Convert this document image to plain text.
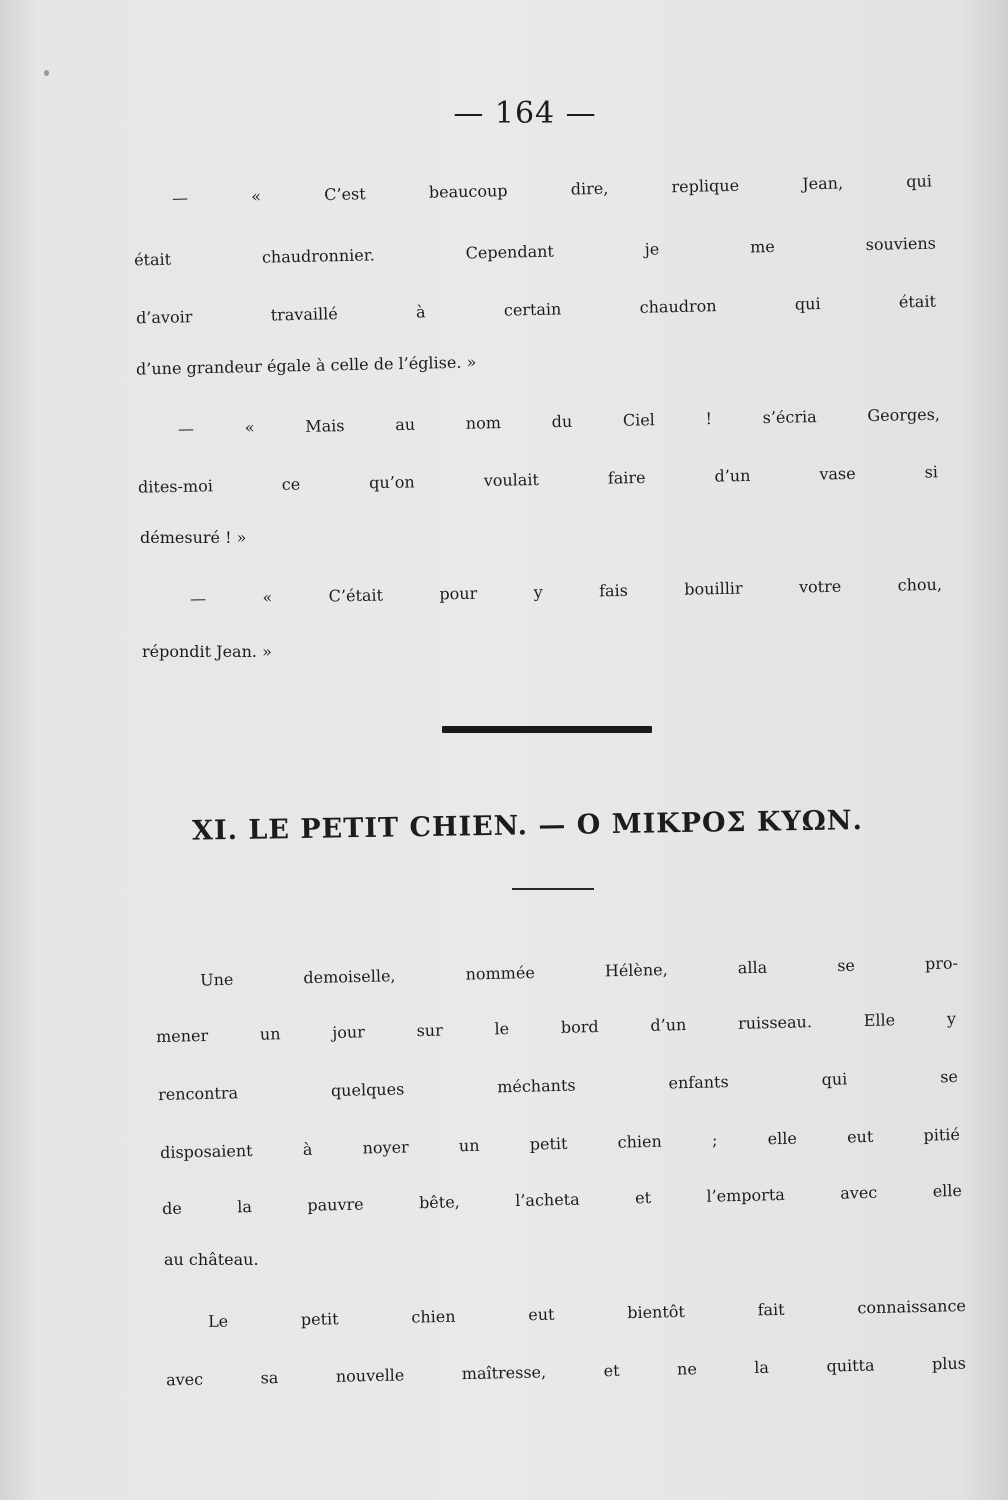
— 164 —
— « C’est beaucoup dire, replique Jean, qui
était chaudronnier. Cependant je me souviens
d’avoir travaillé à certain chaudron qui était
d’une grandeur égale à celle de l’église. »
— « Mais au nom du Ciel ! s’écria Georges,
dites-moi ce qu’on voulait faire d’un vase si
démesuré ! »
— « C’était pour y fais bouillir votre chou,
répondit Jean. »
XI. LE PETIT CHIEN. — Ο ΜΙΚΡΟΣ ΚΥΩΝ.
Une demoiselle, nommée Hélène, alla se pro-
mener un jour sur le bord d’un ruisseau. Elle y
rencontra quelques méchants enfants qui se
disposaient à noyer un petit chien ; elle eut pitié
de la pauvre bête, l’acheta et l’emporta avec elle
au château.
Le petit chien eut bientôt fait connaissance
avec sa nouvelle maîtresse, et ne la quitta plus
